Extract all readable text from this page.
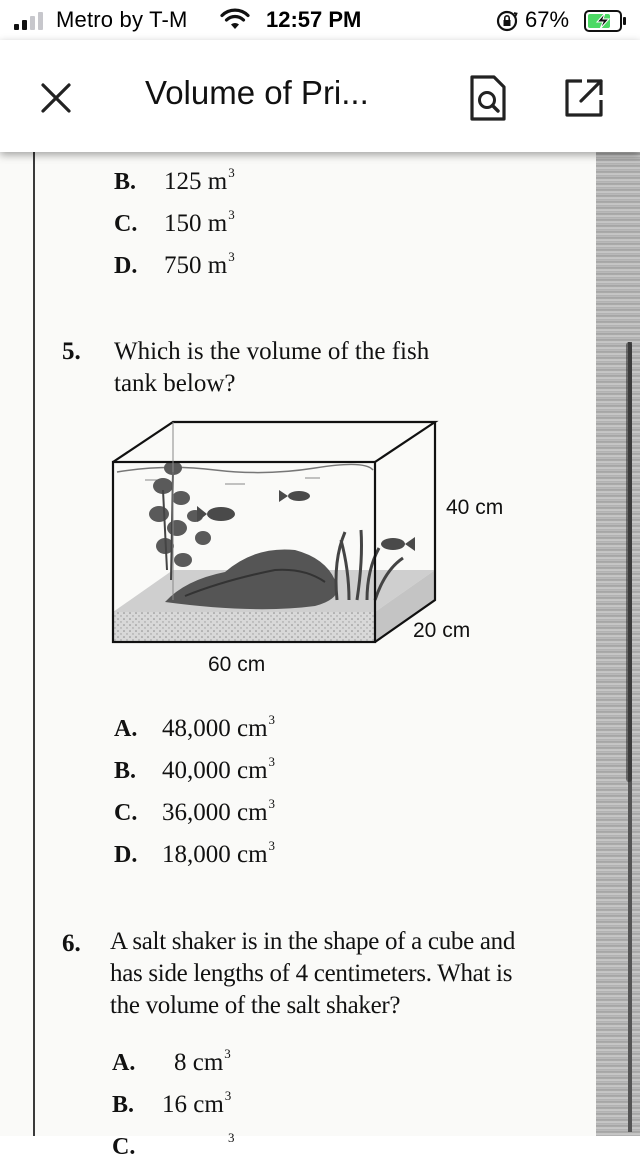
Metro by T-M	12:57 PM	67%
Volume of Pri...
B. 125 $m^3$
C. 150 $m^3$
D. 750 $m^3$
5. Which is the volume of the fish
tank below?
40 cm
20 cm
60 cm
A. 48,000 $cm^3$
B. 40,000 $cm^3$
C. 36,000 $cm^3$
D. 18,000 $cm^3$
6. A salt shaker is in the shape of a cube and
has side lengths of 4 centimeters. What is
the volume of the salt shaker?
A. 8 $cm^3$
B. 16 $cm^3$
C.	$^3$
